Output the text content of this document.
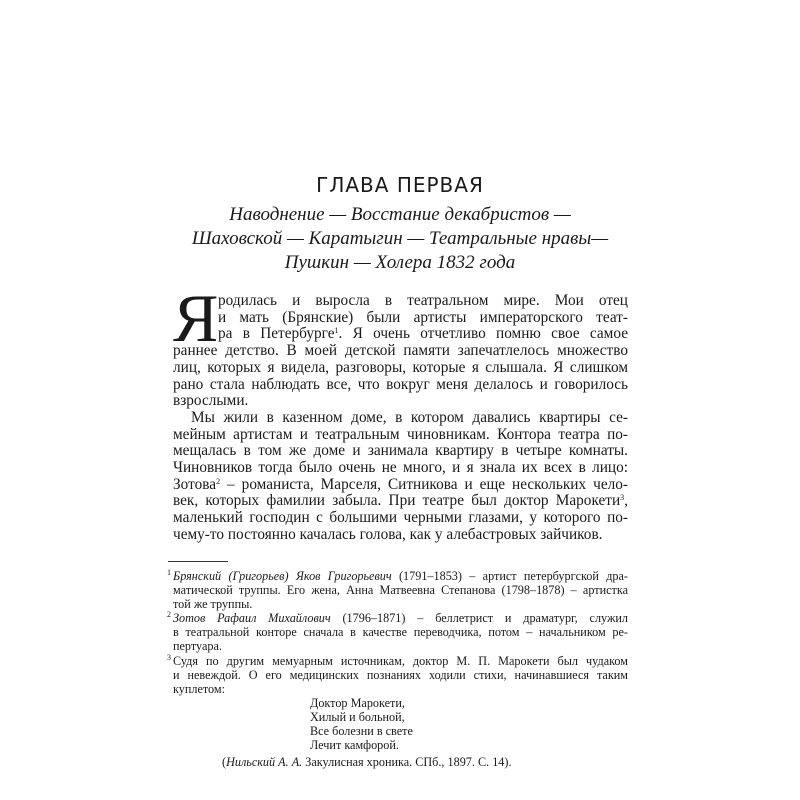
ГЛАВА ПЕРВАЯ
Наводнение — Восстание декабристов —
Шаховской — Каратыгин — Театральные нравы—
Пушкин — Холера 1832 года
Я родилась и выросла в театральном мире. Мои отец
и мать (Брянские) были артисты императорского теат-
ра в Петербурге$^1$. Я очень отчетливо помню свое самое
раннее детство. В моей детской памяти запечатлелось множество
лиц, которых я видела, разговоры, которые я слышала. Я слишком
рано стала наблюдать все, что вокруг меня делалось и говорилось
взрослыми.
Мы жили в казенном доме, в котором давались квартиры се-
мейным артистам и театральным чиновникам. Контора театра по-
мещалась в том же доме и занимала квартиру в четыре комнаты.
Чиновников тогда было очень не много, и я знала их всех в лицо:
Зотова$^2$ – романиста, Марселя, Ситникова и еще нескольких чело-
век, которых фамилии забыла. При театре был доктор Марокети$^3$,
маленький господин с большими черными глазами, у которого по-
чему-то постоянно качалась голова, как у алебастровых зайчиков.
1 Брянский (Григорьев) Яков Григорьевич (1791–1853) – артист петербургской дра-
матической труппы. Его жена, Анна Матвеевна Степанова (1798–1878) – артистка
той же труппы.
2 Зотов Рафаил Михайлович (1796–1871) – беллетрист и драматург, служил
в театральной конторе сначала в качестве переводчика, потом – начальником ре-
пертуара.
3 Судя по другим мемуарным источникам, доктор М. П. Марокети был чудаком
и невеждой. О его медицинских познаниях ходили стихи, начинавшиеся таким
куплетом:
Доктор Марокети,
Хилый и больной,
Все болезни в свете
Лечит камфорой.
(Нильский А. А. Закулисная хроника. СПб., 1897. С. 14).
